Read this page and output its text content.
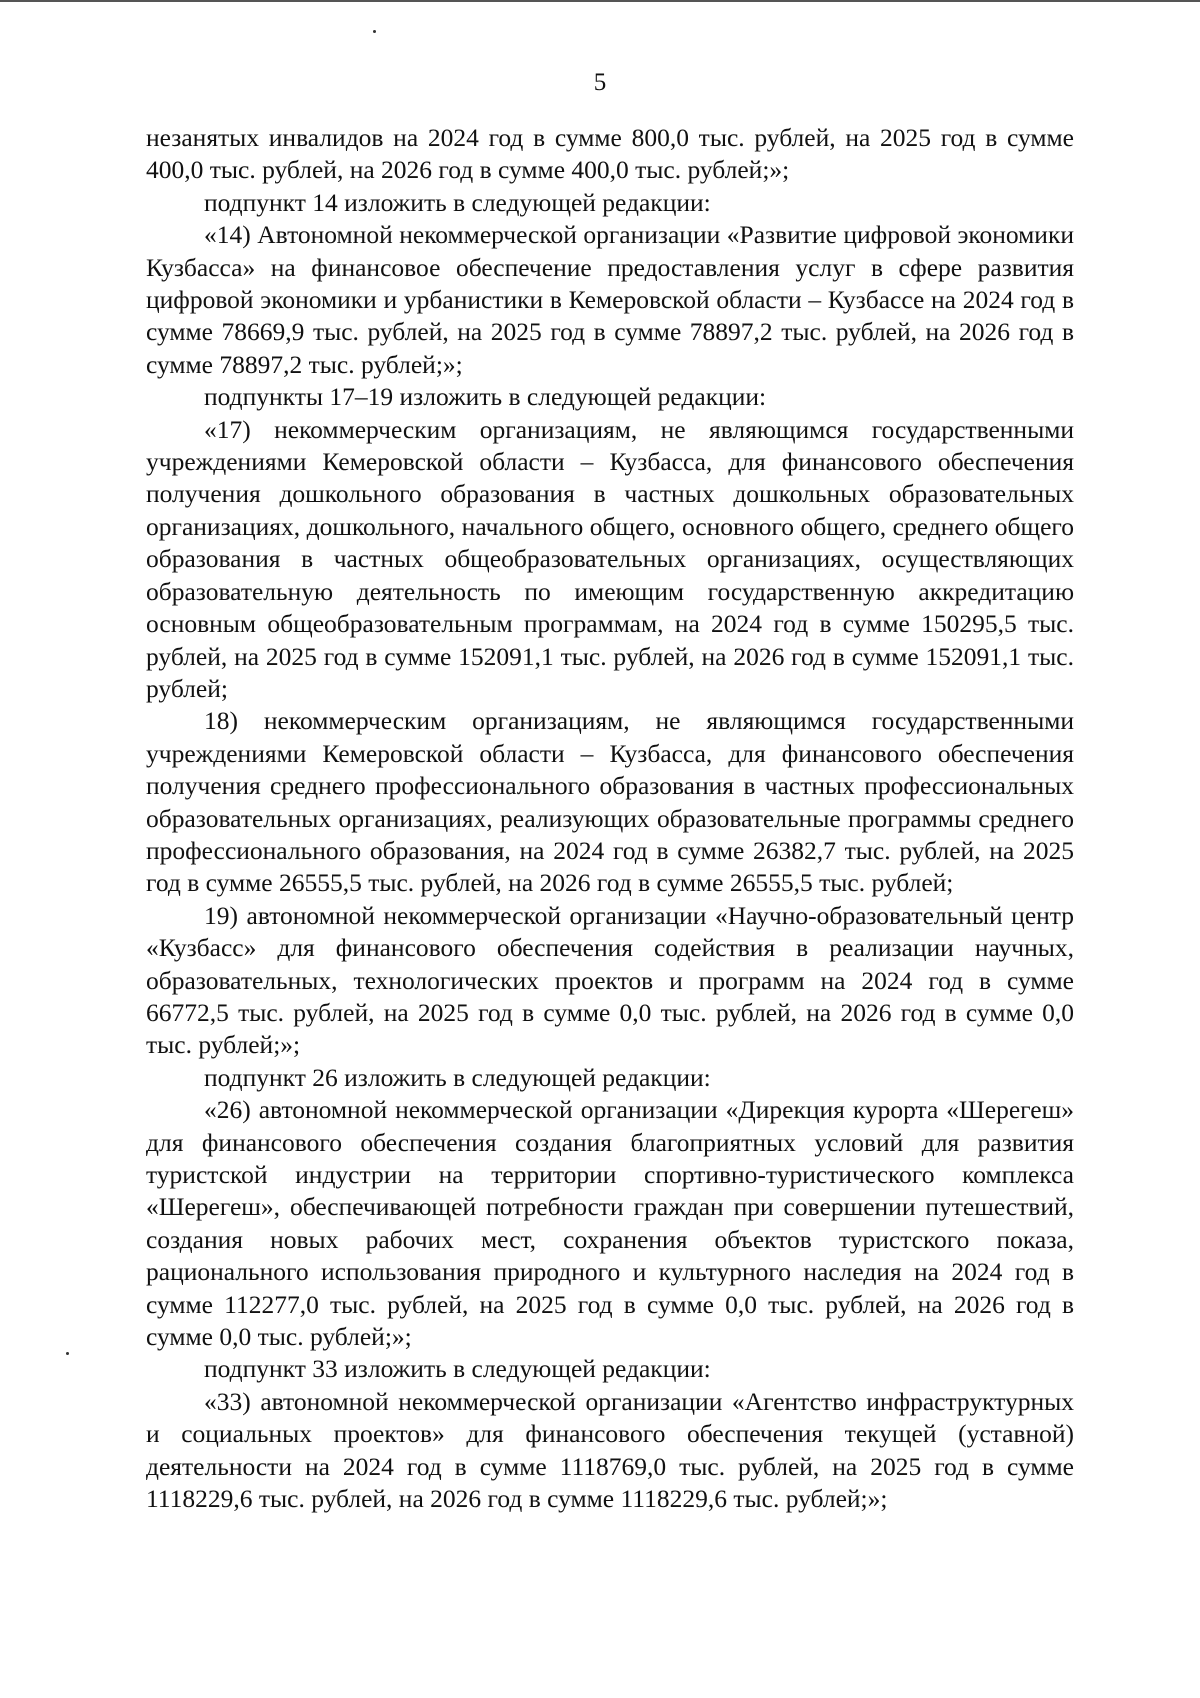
5

незанятых инвалидов на 2024 год в сумме 800,0 тыс. рублей, на 2025 год в сумме 400,0 тыс. рублей, на 2026 год в сумме 400,0 тыс. рублей;»;

подпункт 14 изложить в следующей редакции:

«14) Автономной некоммерческой организации «Развитие цифровой экономики Кузбасса» на финансовое обеспечение предоставления услуг в сфере развития цифровой экономики и урбанистики в Кемеровской области – Кузбассе на 2024 год в сумме 78669,9 тыс. рублей, на 2025 год в сумме 78897,2 тыс. рублей, на 2026 год в сумме 78897,2 тыс. рублей;»;

подпункты 17–19 изложить в следующей редакции:

«17) некоммерческим организациям, не являющимся государственными учреждениями Кемеровской области – Кузбасса, для финансового обеспечения получения дошкольного образования в частных дошкольных образовательных организациях, дошкольного, начального общего, основного общего, среднего общего образования в частных общеобразовательных организациях, осуществляющих образовательную деятельность по имеющим государственную аккредитацию основным общеобразовательным программам, на 2024 год в сумме 150295,5 тыс. рублей, на 2025 год в сумме 152091,1 тыс. рублей, на 2026 год в сумме 152091,1 тыс. рублей;

18) некоммерческим организациям, не являющимся государственными учреждениями Кемеровской области – Кузбасса, для финансового обеспечения получения среднего профессионального образования в частных профессиональных образовательных организациях, реализующих образовательные программы среднего профессионального образования, на 2024 год в сумме 26382,7 тыс. рублей, на 2025 год в сумме 26555,5 тыс. рублей, на 2026 год в сумме 26555,5 тыс. рублей;

19) автономной некоммерческой организации «Научно-образовательный центр «Кузбасс» для финансового обеспечения содействия в реализации научных, образовательных, технологических проектов и программ на 2024 год в сумме 66772,5 тыс. рублей, на 2025 год в сумме 0,0 тыс. рублей, на 2026 год в сумме 0,0 тыс. рублей;»;

подпункт 26 изложить в следующей редакции:

«26) автономной некоммерческой организации «Дирекция курорта «Шерегеш» для финансового обеспечения создания благоприятных условий для развития туристской индустрии на территории спортивно-туристического комплекса «Шерегеш», обеспечивающей потребности граждан при совершении путешествий, создания новых рабочих мест, сохранения объектов туристского показа, рационального использования природного и культурного наследия на 2024 год в сумме 112277,0 тыс. рублей, на 2025 год в сумме 0,0 тыс. рублей, на 2026 год в сумме 0,0 тыс. рублей;»;

подпункт 33 изложить в следующей редакции:

«33) автономной некоммерческой организации «Агентство инфраструктурных и социальных проектов» для финансового обеспечения текущей (уставной) деятельности на 2024 год в сумме 1118769,0 тыс. рублей, на 2025 год в сумме 1118229,6 тыс. рублей, на 2026 год в сумме 1118229,6 тыс. рублей;»;
